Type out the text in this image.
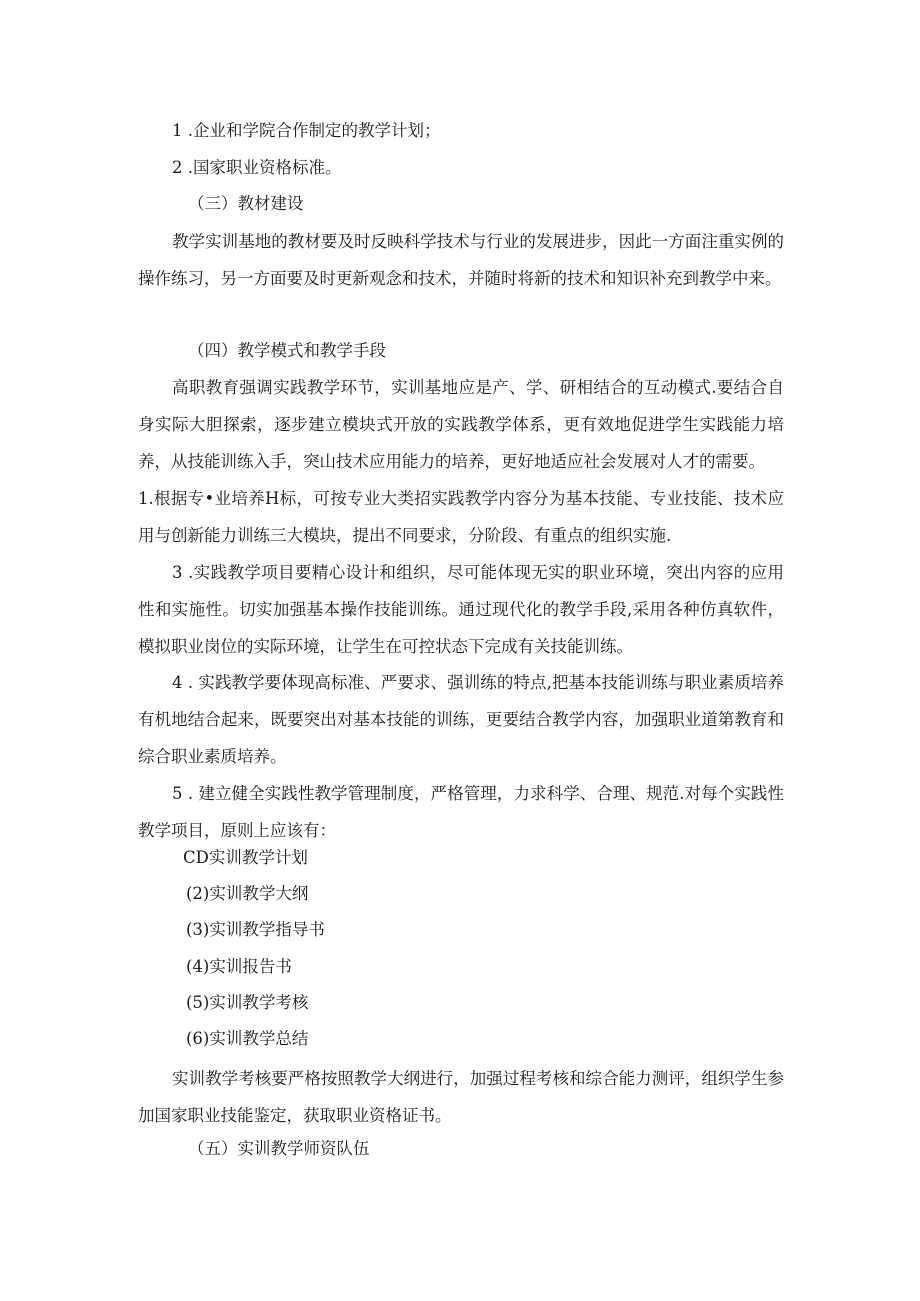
1 .企业和学院合作制定的教学计划；
2 .国家职业资格标准。
（三）教材建设
教学实训基地的教材要及时反映科学技术与行业的发展进步，因此一方面注重实例的操作练习，另一方面要及时更新观念和技术，并随时将新的技术和知识补充到教学中来。
（四）教学模式和教学手段
高职教育强调实践教学环节，实训基地应是产、学、研相结合的互动模式.要结合自身实际大胆探索，逐步建立模块式开放的实践教学体系，更有效地促进学生实践能力培养，从技能训练入手，突山技术应用能力的培养，更好地适应社会发展对人才的需要。
1.根据专•业培养H标，可按专业大类招实践教学内容分为基本技能、专业技能、技术应用与创新能力训练三大模块，提出不同要求，分阶段、有重点的组织实施.
3 .实践教学项目要精心设计和组织，尽可能体现无实的职业环境，突出内容的应用性和实施性。切实加强基本操作技能训练。通过现代化的教学手段,采用各种仿真软件，模拟职业岗位的实际环境，让学生在可控状态下完成有关技能训练。
4 . 实践教学要体现高标准、严要求、强训练的特点,把基本技能训练与职业素质培养有机地结合起来，既要突出对基本技能的训练，更要结合教学内容，加强职业道第教育和综合职业素质培养。
5 . 建立健全实践性教学管理制度，严格管理，力求科学、合理、规范.对每个实践性教学项目，原则上应该有：
CD实训教学计划
(2)实训教学大纲
(3)实训教学指导书
(4)实训报告书
(5)实训教学考核
(6)实训教学总结
实训教学考核要严格按照教学大纲进行，加强过程考核和综合能力测评，组织学生参加国家职业技能鉴定，获取职业资格证书。
（五）实训教学师资队伍
